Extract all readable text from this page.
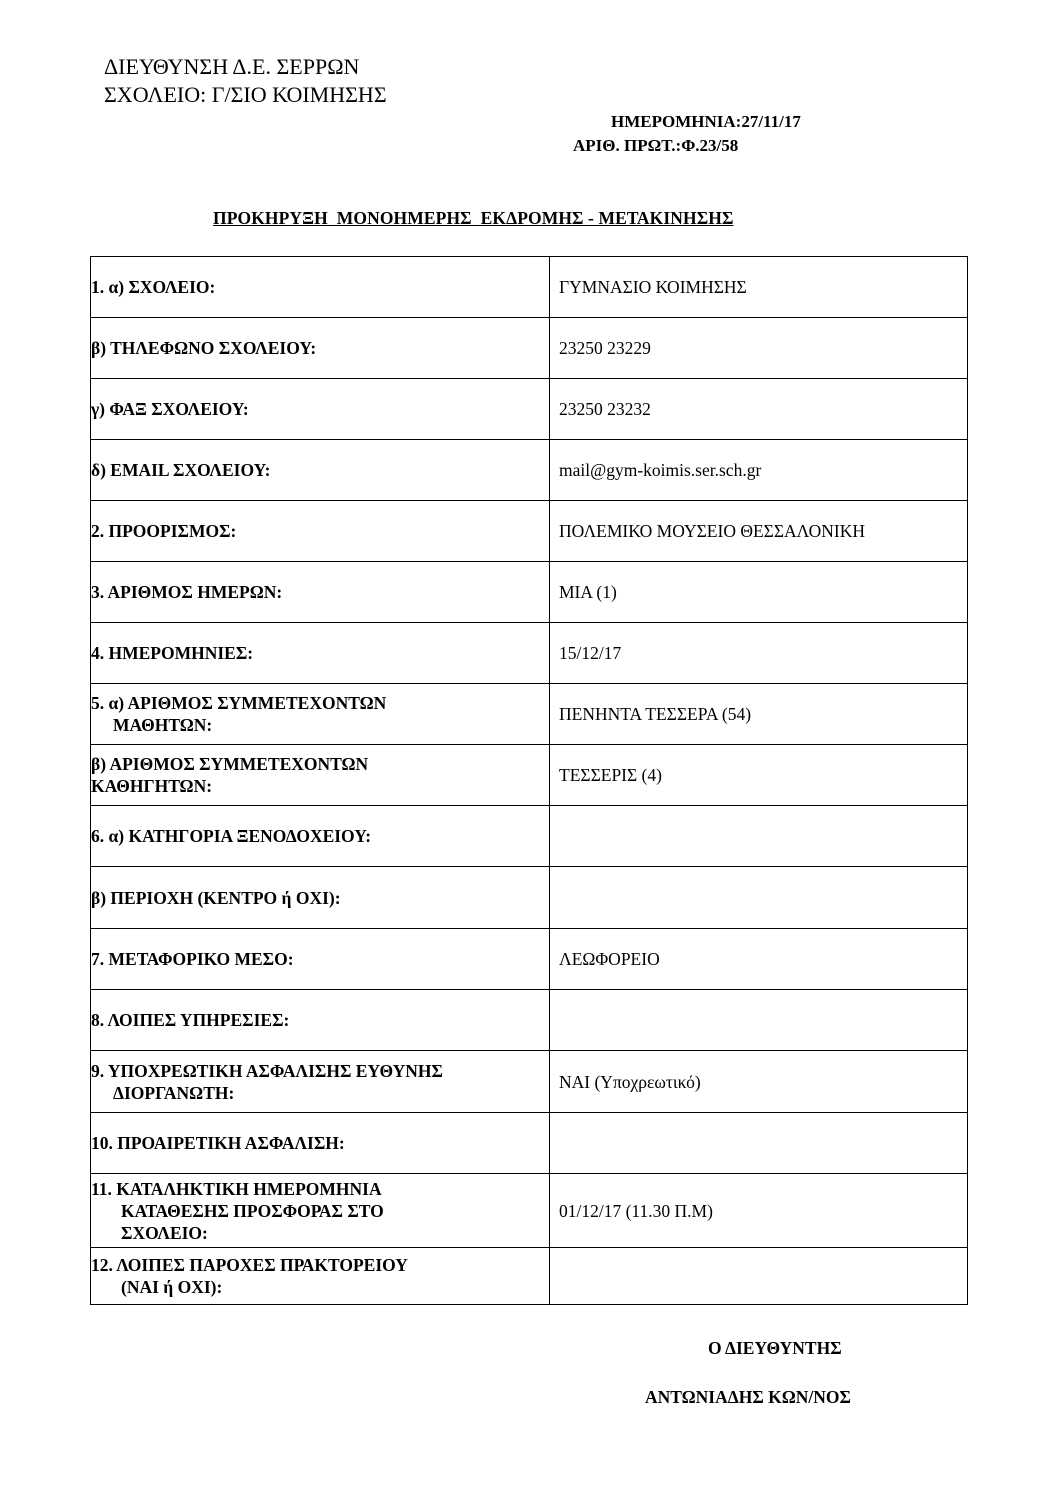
ΔΙΕΥΘΥΝΣΗ Δ.Ε. ΣΕΡΡΩΝ
ΣΧΟΛΕΙΟ: Γ/ΣΙΟ ΚΟΙΜΗΣΗΣ
ΗΜΕΡΟΜΗΝΙΑ:27/11/17
ΑΡΙΘ. ΠΡΩΤ.:Φ.23/58
ΠΡΟΚΗΡΥΞΗ  ΜΟΝΟΗΜΕΡΗΣ  ΕΚΔΡΟΜΗΣ - ΜΕΤΑΚΙΝΗΣΗΣ
1. α) ΣΧΟΛΕΙΟ:	ΓΥΜΝΑΣΙΟ ΚΟΙΜΗΣΗΣ

β) ΤΗΛΕΦΩΝΟ ΣΧΟΛΕΙΟΥ:	23250 23229

γ) ΦΑΞ ΣΧΟΛΕΙΟΥ:	23250 23232

δ) EMAIL ΣΧΟΛΕΙΟΥ:	mail@gym-koimis.ser.sch.gr

2. ΠΡΟΟΡΙΣΜΟΣ:	ΠΟΛΕΜΙΚΟ ΜΟΥΣΕΙΟ ΘΕΣΣΑΛΟΝΙΚΗ

3. ΑΡΙΘΜΟΣ ΗΜΕΡΩΝ:	ΜΙΑ (1)

4. ΗΜΕΡΟΜΗΝΙΕΣ:	15/12/17

5. α) ΑΡΙΘΜΟΣ ΣΥΜΜΕΤΕΧΟΝΤΩΝ
ΜΑΘΗΤΩΝ:	ΠΕΝΗΝΤΑ ΤΕΣΣΕΡΑ (54)

β) ΑΡΙΘΜΟΣ ΣΥΜΜΕΤΕΧΟΝΤΩΝ
ΚΑΘΗΓΗΤΩΝ:	ΤΕΣΣΕΡΙΣ (4)

6. α) ΚΑΤΗΓΟΡΙΑ ΞΕΝΟΔΟΧΕΙΟΥ:	

β) ΠΕΡΙΟΧΗ (ΚΕΝΤΡΟ ή ΟΧΙ):	

7. ΜΕΤΑΦΟΡΙΚΟ ΜΕΣΟ:	ΛΕΩΦΟΡΕΙΟ

8. ΛΟΙΠΕΣ ΥΠΗΡΕΣΙΕΣ:	

9. ΥΠΟΧΡΕΩΤΙΚΗ ΑΣΦΑΛΙΣΗΣ ΕΥΘΥΝΗΣ
ΔΙΟΡΓΑΝΩΤΗ:	ΝΑΙ (Υποχρεωτικό)

10. ΠΡΟΑΙΡΕΤΙΚΗ ΑΣΦΑΛΙΣΗ:	

11. ΚΑΤΑΛΗΚΤΙΚΗ ΗΜΕΡΟΜΗΝΙΑ
ΚΑΤΑΘΕΣΗΣ ΠΡΟΣΦΟΡΑΣ ΣΤΟ
ΣΧΟΛΕΙΟ:	01/12/17 (11.30 Π.Μ)

12. ΛΟΙΠΕΣ ΠΑΡΟΧΕΣ ΠΡΑΚΤΟΡΕΙΟΥ
(ΝΑΙ ή ΟΧΙ):	

Ο ΔΙΕΥΘΥΝΤΗΣ
ΑΝΤΩΝΙΑΔΗΣ ΚΩΝ/ΝΟΣ
